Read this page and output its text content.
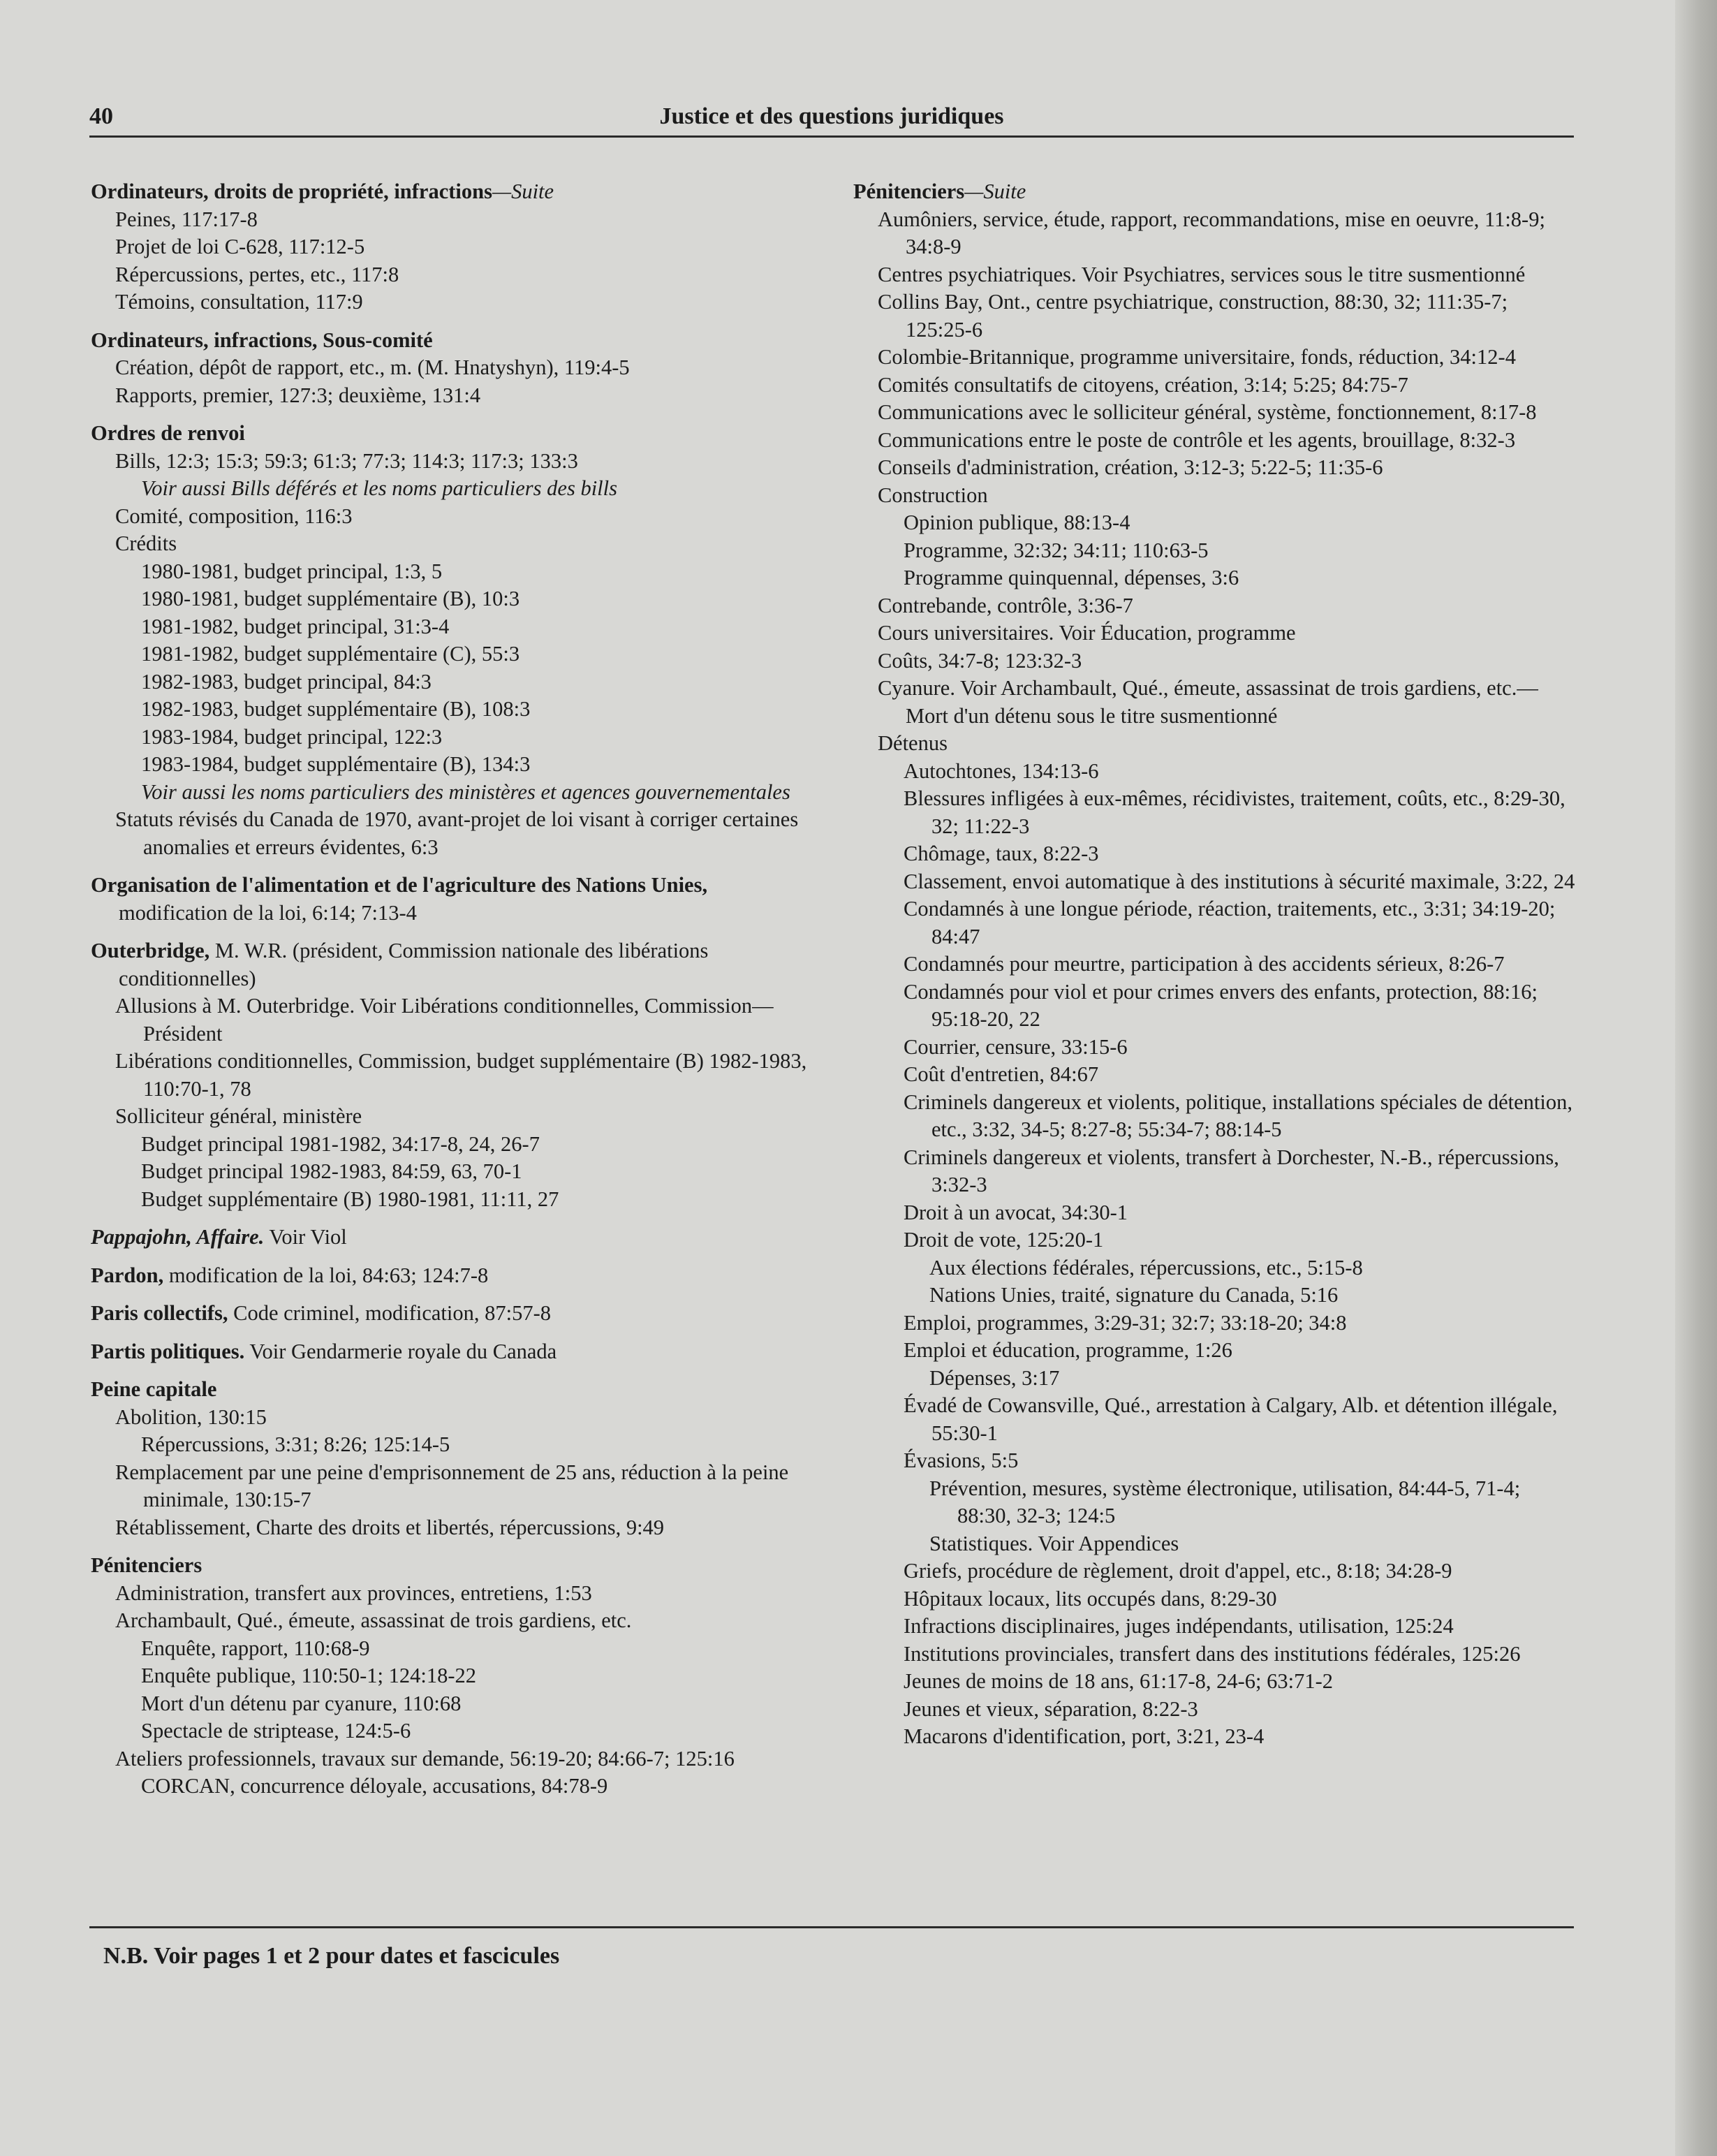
40	Justice et des questions juridiques
Ordinateurs, droits de propriété, infractions—Suite
Peines, 117:17-8
Projet de loi C-628, 117:12-5
Répercussions, pertes, etc., 117:8
Témoins, consultation, 117:9
Ordinateurs, infractions, Sous-comité
Création, dépôt de rapport, etc., m. (M. Hnatyshyn), 119:4-5
Rapports, premier, 127:3; deuxième, 131:4
Ordres de renvoi
Bills, 12:3; 15:3; 59:3; 61:3; 77:3; 114:3; 117:3; 133:3
Voir aussi Bills déférés et les noms particuliers des bills
Comité, composition, 116:3
Crédits
1980-1981, budget principal, 1:3, 5
1980-1981, budget supplémentaire (B), 10:3
1981-1982, budget principal, 31:3-4
1981-1982, budget supplémentaire (C), 55:3
1982-1983, budget principal, 84:3
1982-1983, budget supplémentaire (B), 108:3
1983-1984, budget principal, 122:3
1983-1984, budget supplémentaire (B), 134:3
Voir aussi les noms particuliers des ministères et agences gouvernementales
Statuts révisés du Canada de 1970, avant-projet de loi visant à corriger certaines anomalies et erreurs évidentes, 6:3
Organisation de l'alimentation et de l'agriculture des Nations Unies, modification de la loi, 6:14; 7:13-4
Outerbridge, M. W.R. (président, Commission nationale des libérations conditionnelles)
Allusions à M. Outerbridge. Voir Libérations conditionnelles, Commission—Président
Libérations conditionnelles, Commission, budget supplémentaire (B) 1982-1983, 110:70-1, 78
Solliciteur général, ministère
Budget principal 1981-1982, 34:17-8, 24, 26-7
Budget principal 1982-1983, 84:59, 63, 70-1
Budget supplémentaire (B) 1980-1981, 11:11, 27
Pappajohn, Affaire. Voir Viol
Pardon, modification de la loi, 84:63; 124:7-8
Paris collectifs, Code criminel, modification, 87:57-8
Partis politiques. Voir Gendarmerie royale du Canada
Peine capitale
Abolition, 130:15
Répercussions, 3:31; 8:26; 125:14-5
Remplacement par une peine d'emprisonnement de 25 ans, réduction à la peine minimale, 130:15-7
Rétablissement, Charte des droits et libertés, répercussions, 9:49
Pénitenciers
Administration, transfert aux provinces, entretiens, 1:53
Archambault, Qué., émeute, assassinat de trois gardiens, etc.
Enquête, rapport, 110:68-9
Enquête publique, 110:50-1; 124:18-22
Mort d'un détenu par cyanure, 110:68
Spectacle de striptease, 124:5-6
Ateliers professionnels, travaux sur demande, 56:19-20; 84:66-7; 125:16
CORCAN, concurrence déloyale, accusations, 84:78-9
Pénitenciers—Suite
Aumôniers, service, étude, rapport, recommandations, mise en oeuvre, 11:8-9; 34:8-9
Centres psychiatriques. Voir Psychiatres, services sous le titre susmentionné
Collins Bay, Ont., centre psychiatrique, construction, 88:30, 32; 111:35-7; 125:25-6
Colombie-Britannique, programme universitaire, fonds, réduction, 34:12-4
Comités consultatifs de citoyens, création, 3:14; 5:25; 84:75-7
Communications avec le solliciteur général, système, fonctionnement, 8:17-8
Communications entre le poste de contrôle et les agents, brouillage, 8:32-3
Conseils d'administration, création, 3:12-3; 5:22-5; 11:35-6
Construction
Opinion publique, 88:13-4
Programme, 32:32; 34:11; 110:63-5
Programme quinquennal, dépenses, 3:6
Contrebande, contrôle, 3:36-7
Cours universitaires. Voir Éducation, programme
Coûts, 34:7-8; 123:32-3
Cyanure. Voir Archambault, Qué., émeute, assassinat de trois gardiens, etc.—Mort d'un détenu sous le titre susmentionné
Détenus
Autochtones, 134:13-6
Blessures infligées à eux-mêmes, récidivistes, traitement, coûts, etc., 8:29-30, 32; 11:22-3
Chômage, taux, 8:22-3
Classement, envoi automatique à des institutions à sécurité maximale, 3:22, 24
Condamnés à une longue période, réaction, traitements, etc., 3:31; 34:19-20; 84:47
Condamnés pour meurtre, participation à des accidents sérieux, 8:26-7
Condamnés pour viol et pour crimes envers des enfants, protection, 88:16; 95:18-20, 22
Courrier, censure, 33:15-6
Coût d'entretien, 84:67
Criminels dangereux et violents, politique, installations spéciales de détention, etc., 3:32, 34-5; 8:27-8; 55:34-7; 88:14-5
Criminels dangereux et violents, transfert à Dorchester, N.-B., répercussions, 3:32-3
Droit à un avocat, 34:30-1
Droit de vote, 125:20-1
Aux élections fédérales, répercussions, etc., 5:15-8
Nations Unies, traité, signature du Canada, 5:16
Emploi, programmes, 3:29-31; 32:7; 33:18-20; 34:8
Emploi et éducation, programme, 1:26
Dépenses, 3:17
Évadé de Cowansville, Qué., arrestation à Calgary, Alb. et détention illégale, 55:30-1
Évasions, 5:5
Prévention, mesures, système électronique, utilisation, 84:44-5, 71-4; 88:30, 32-3; 124:5
Statistiques. Voir Appendices
Griefs, procédure de règlement, droit d'appel, etc., 8:18; 34:28-9
Hôpitaux locaux, lits occupés dans, 8:29-30
Infractions disciplinaires, juges indépendants, utilisation, 125:24
Institutions provinciales, transfert dans des institutions fédérales, 125:26
Jeunes de moins de 18 ans, 61:17-8, 24-6; 63:71-2
Jeunes et vieux, séparation, 8:22-3
Macarons d'identification, port, 3:21, 23-4
N.B. Voir pages 1 et 2 pour dates et fascicules
